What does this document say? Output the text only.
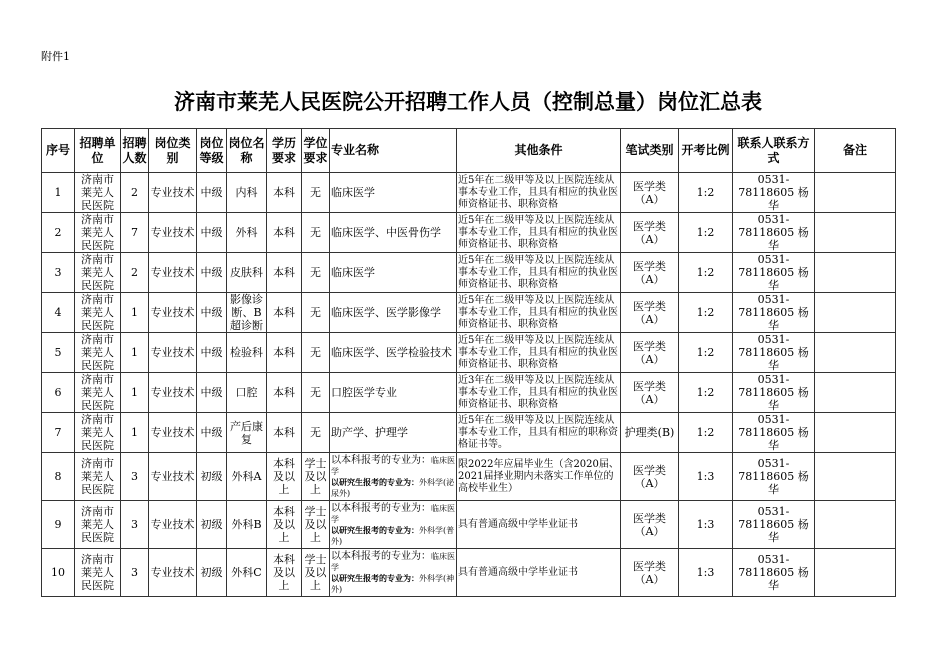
附件1
济南市莱芜人民医院公开招聘工作人员（控制总量）岗位汇总表
序号	招聘单位	招聘人数	岗位类别	岗位等级	岗位名称	学历要求	学位要求	专业名称	其他条件	笔试类别	开考比例	联系人联系方式	备注
1	济南市莱芜人民医院	2	专业技术	中级	内科	本科	无	临床医学	近5年在二级甲等及以上医院连续从事本专业工作，且具有相应的执业医师资格证书、职称资格	医学类（A）	1:2	0531-78118605 杨华	
2	济南市莱芜人民医院	7	专业技术	中级	外科	本科	无	临床医学、中医骨伤学	近5年在二级甲等及以上医院连续从事本专业工作，且具有相应的执业医师资格证书、职称资格	医学类（A）	1:2	0531-78118605 杨华	
3	济南市莱芜人民医院	2	专业技术	中级	皮肤科	本科	无	临床医学	近5年在二级甲等及以上医院连续从事本专业工作，且具有相应的执业医师资格证书、职称资格	医学类（A）	1:2	0531-78118605 杨华	
4	济南市莱芜人民医院	1	专业技术	中级	影像诊断、B超诊断	本科	无	临床医学、医学影像学	近5年在二级甲等及以上医院连续从事本专业工作，且具有相应的执业医师资格证书、职称资格	医学类（A）	1:2	0531-78118605 杨华	
5	济南市莱芜人民医院	1	专业技术	中级	检验科	本科	无	临床医学、医学检验技术	近5年在二级甲等及以上医院连续从事本专业工作，且具有相应的执业医师资格证书、职称资格	医学类（A）	1:2	0531-78118605 杨华	
6	济南市莱芜人民医院	1	专业技术	中级	口腔	本科	无	口腔医学专业	近3年在二级甲等及以上医院连续从事本专业工作，且具有相应的执业医师资格证书、职称资格	医学类（A）	1:2	0531-78118605 杨华	
7	济南市莱芜人民医院	1	专业技术	中级	产后康复	本科	无	助产学、护理学	近5年在二级甲等及以上医院连续从事本专业工作，且具有相应的职称资格证书等。	护理类(B)	1:2	0531-78118605 杨华	
8	济南市莱芜人民医院	3	专业技术	初级	外科A	本科及以上	学士及以上	以本科报考的专业为：临床医学
以研究生报考的专业为：外科学(泌尿外)	限2022年应届毕业生（含2020届、2021届择业期内未落实工作单位的高校毕业生）	医学类（A）	1:3	0531-78118605 杨华	
9	济南市莱芜人民医院	3	专业技术	初级	外科B	本科及以上	学士及以上	以本科报考的专业为：临床医学
以研究生报考的专业为：外科学(普外)	具有普通高级中学毕业证书	医学类（A）	1:3	0531-78118605 杨华	
10	济南市莱芜人民医院	3	专业技术	初级	外科C	本科及以上	学士及以上	以本科报考的专业为：临床医学
以研究生报考的专业为：外科学(神外)	具有普通高级中学毕业证书	医学类（A）	1:3	0531-78118605 杨华	
